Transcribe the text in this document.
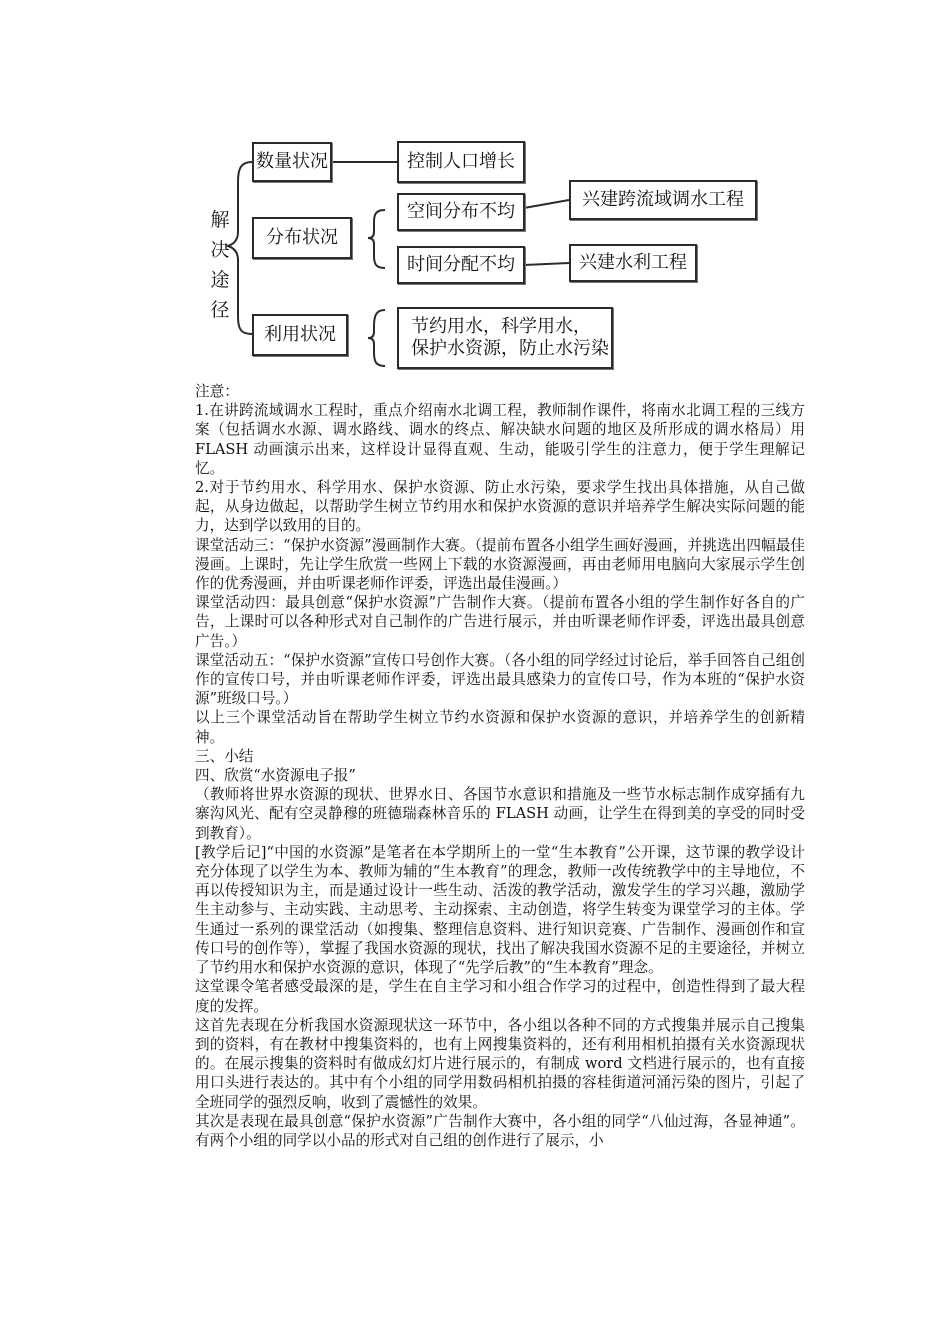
解决途径
数量状况
分布状况
利用状况
控制人口增长
空间分布不均
时间分配不均
兴建跨流域调水工程
兴建水利工程
节约用水，科学用水，
保护水资源，防止水污染

注意：

1.在讲跨流域调水工程时，重点介绍南水北调工程，教师制作课件，将南水北调工程的三线方案（包括调水水源、调水路线、调水的终点、解决缺水问题的地区及所形成的调水格局）用 FLASH 动画演示出来，这样设计显得直观、生动，能吸引学生的注意力，便于学生理解记忆。

2.对于节约用水、科学用水、保护水资源、防止水污染，要求学生找出具体措施，从自己做起，从身边做起，以帮助学生树立节约用水和保护水资源的意识并培养学生解决实际问题的能力，达到学以致用的目的。

课堂活动三：“保护水资源”漫画制作大赛。（提前布置各小组学生画好漫画，并挑选出四幅最佳漫画。上课时，先让学生欣赏一些网上下载的水资源漫画，再由老师用电脑向大家展示学生创作的优秀漫画，并由听课老师作评委，评选出最佳漫画。）

课堂活动四：最具创意“保护水资源”广告制作大赛。（提前布置各小组的学生制作好各自的广告，上课时可以各种形式对自己制作的广告进行展示，并由听课老师作评委，评选出最具创意广告。）

课堂活动五：“保护水资源”宣传口号创作大赛。（各小组的同学经过讨论后，举手回答自己组创作的宣传口号，并由听课老师作评委，评选出最具感染力的宣传口号，作为本班的“保护水资源”班级口号。）

以上三个课堂活动旨在帮助学生树立节约水资源和保护水资源的意识，并培养学生的创新精神。

三、小结

四、欣赏“水资源电子报”

（教师将世界水资源的现状、世界水日、各国节水意识和措施及一些节水标志制作成穿插有九寨沟风光、配有空灵静穆的班德瑞森林音乐的 FLASH 动画，让学生在得到美的享受的同时受到教育）。

[教学后记]“中国的水资源”是笔者在本学期所上的一堂“生本教育”公开课，这节课的教学设计充分体现了以学生为本、教师为辅的“生本教育”的理念，教师一改传统教学中的主导地位，不再以传授知识为主，而是通过设计一些生动、活泼的教学活动，激发学生的学习兴趣，激励学生主动参与、主动实践、主动思考、主动探索、主动创造，将学生转变为课堂学习的主体。学生通过一系列的课堂活动（如搜集、整理信息资料、进行知识竞赛、广告制作、漫画创作和宣传口号的创作等），掌握了我国水资源的现状，找出了解决我国水资源不足的主要途径，并树立了节约用水和保护水资源的意识，体现了“先学后教”的“生本教育”理念。

这堂课令笔者感受最深的是，学生在自主学习和小组合作学习的过程中，创造性得到了最大程度的发挥。

这首先表现在分析我国水资源现状这一环节中，各小组以各种不同的方式搜集并展示自己搜集到的资料，有在教材中搜集资料的，也有上网搜集资料的，还有利用相机拍摄有关水资源现状的。在展示搜集的资料时有做成幻灯片进行展示的，有制成 word 文档进行展示的，也有直接用口头进行表达的。其中有个小组的同学用数码相机拍摄的容桂街道河涌污染的图片，引起了全班同学的强烈反响，收到了震憾性的效果。

其次是表现在最具创意“保护水资源”广告制作大赛中，各小组的同学“八仙过海，各显神通”。有两个小组的同学以小品的形式对自己组的创作进行了展示，小
